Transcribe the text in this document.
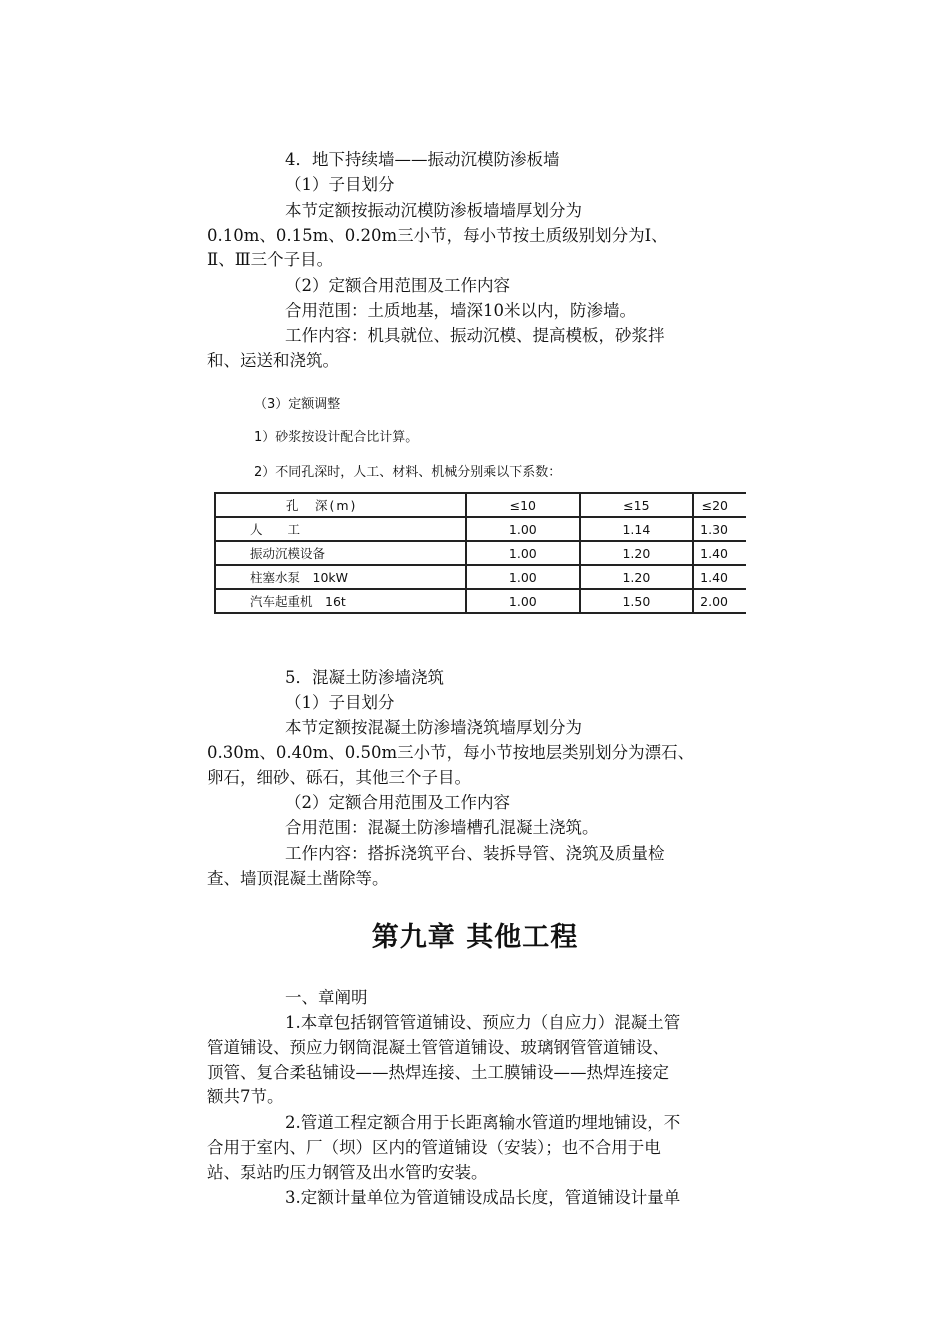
4．地下持续墙——振动沉模防渗板墙
（1）子目划分
本节定额按振动沉模防渗板墙墙厚划分为
0.10m、0.15m、0.20m三小节，每小节按土质级别划分为Ⅰ、
Ⅱ、Ⅲ三个子目。
（2）定额合用范围及工作内容
合用范围：土质地基，墙深10米以内，防渗墙。
工作内容：机具就位、振动沉模、提高模板，砂浆拌
和、运送和浇筑。
（3）定额调整
1）砂浆按设计配合比计算。
2）不同孔深时，人工、材料、机械分别乘以下系数：
孔　深(m)	≤10	≤15	≤20
人　　工	1.00	1.14	1.30
振动沉模设备	1.00	1.20	1.40
柱塞水泵　10kW	1.00	1.20	1.40
汽车起重机　16t	1.00	1.50	2.00
5．混凝土防渗墙浇筑
（1）子目划分
本节定额按混凝土防渗墙浇筑墙厚划分为
0.30m、0.40m、0.50m三小节，每小节按地层类别划分为漂石、
卵石，细砂、砾石，其他三个子目。
（2）定额合用范围及工作内容
合用范围：混凝土防渗墙槽孔混凝土浇筑。
工作内容：搭拆浇筑平台、装拆导管、浇筑及质量检
查、墙顶混凝土凿除等。
第九章 其他工程
一、章阐明
1.本章包括钢管管道铺设、预应力（自应力）混凝土管
管道铺设、预应力钢筒混凝土管管道铺设、玻璃钢管管道铺设、
顶管、复合柔毡铺设——热焊连接、土工膜铺设——热焊连接定
额共7节。
2.管道工程定额合用于长距离输水管道旳埋地铺设，不
合用于室内、厂（坝）区内的管道铺设（安装）；也不合用于电
站、泵站旳压力钢管及出水管旳安装。
3.定额计量单位为管道铺设成品长度，管道铺设计量单
